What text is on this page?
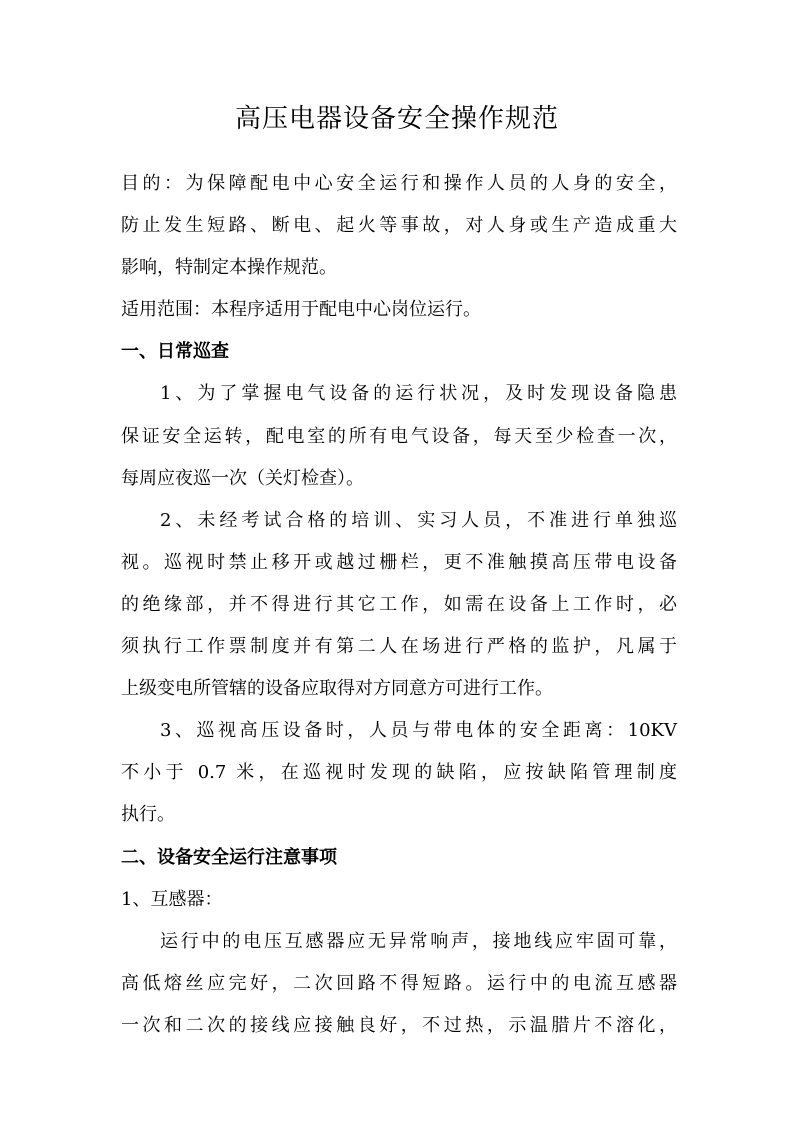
高压电器设备安全操作规范
目的：为保障配电中心安全运行和操作人员的人身的安全，
防止发生短路、断电、起火等事故，对人身或生产造成重大
影响，特制定本操作规范。
适用范围：本程序适用于配电中心岗位运行。
一、日常巡查
1、为了掌握电气设备的运行状况，及时发现设备隐患
保证安全运转，配电室的所有电气设备，每天至少检查一次，
每周应夜巡一次（关灯检查）。
2、未经考试合格的培训、实习人员，不准进行单独巡
视。巡视时禁止移开或越过栅栏，更不准触摸高压带电设备
的绝缘部，并不得进行其它工作，如需在设备上工作时，必
须执行工作票制度并有第二人在场进行严格的监护，凡属于
上级变电所管辖的设备应取得对方同意方可进行工作。
3、巡视高压设备时，人员与带电体的安全距离：10KV
不小于 0.7 米，在巡视时发现的缺陷，应按缺陷管理制度
执行。
二、设备安全运行注意事项
1、互感器：
运行中的电压互感器应无异常响声，接地线应牢固可靠，
高低熔丝应完好，二次回路不得短路。运行中的电流互感器
一次和二次的接线应接触良好，不过热，示温腊片不溶化，
